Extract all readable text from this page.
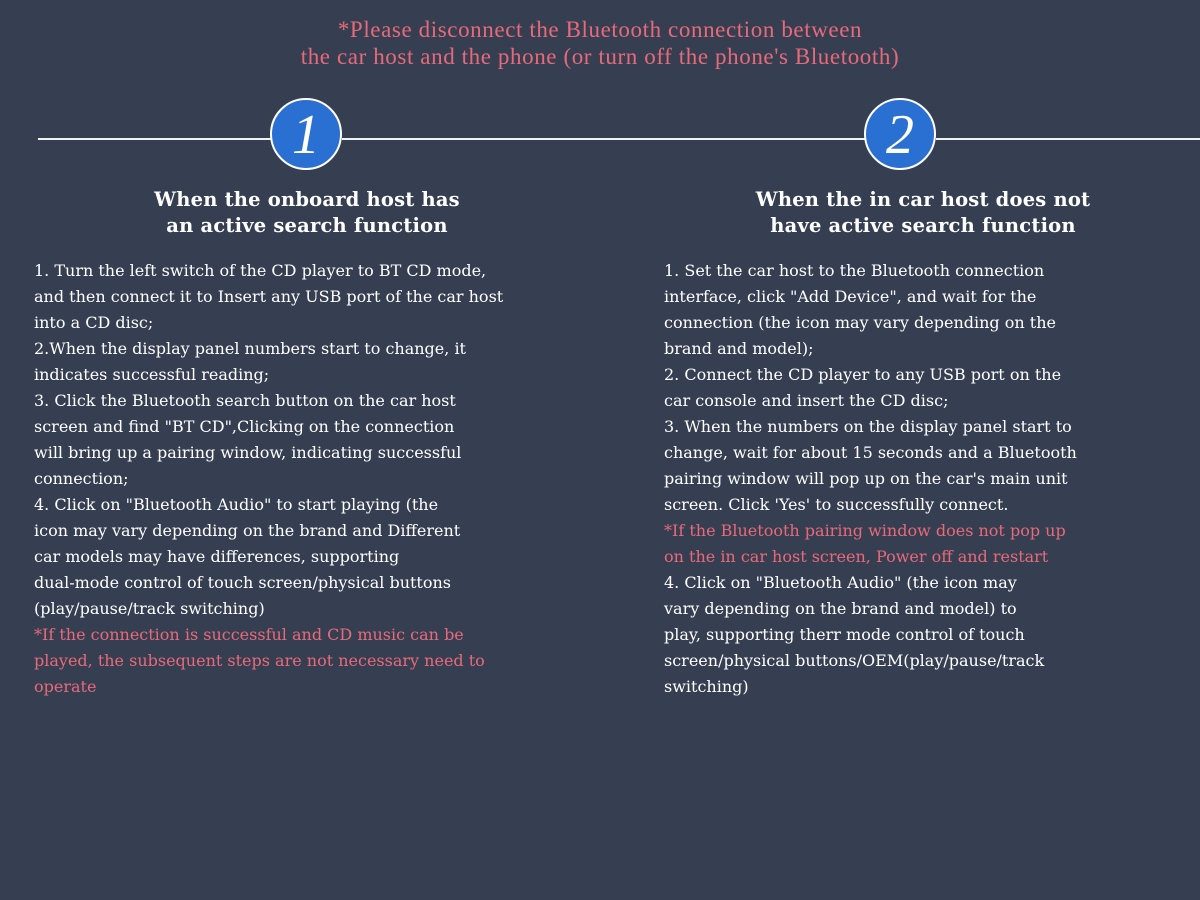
*Please disconnect the Bluetooth connection between
the car host and the phone (or turn off the phone's Bluetooth)
1
When the onboard host has
an active search function
1. Turn the left switch of the CD player to BT CD mode,
and then connect it to Insert any USB port of the car host
into a CD disc;
2.When the display panel numbers start to change, it
indicates successful reading;
3. Click the Bluetooth search button on the car host
screen and find "BT CD",Clicking on the connection
will bring up a pairing window, indicating successful
connection;
4. Click on "Bluetooth Audio" to start playing (the
icon may vary depending on the brand and Different
car models may have differences, supporting
dual-mode control of touch screen/physical buttons
(play/pause/track switching)
*If the connection is successful and CD music can be
played, the subsequent steps are not necessary need to
operate
2
When the in car host does not
have active search function
1. Set the car host to the Bluetooth connection
interface, click "Add Device", and wait for the
connection (the icon may vary depending on the
brand and model);
2. Connect the CD player to any USB port on the
car console and insert the CD disc;
3. When the numbers on the display panel start to
change, wait for about 15 seconds and a Bluetooth
pairing window will pop up on the car's main unit
screen. Click 'Yes' to successfully connect.
*If the Bluetooth pairing window does not pop up
on the in car host screen, Power off and restart
4. Click on "Bluetooth Audio" (the icon may
vary depending on the brand and model) to
play, supporting therr mode control of touch
screen/physical buttons/OEM(play/pause/track
switching)
